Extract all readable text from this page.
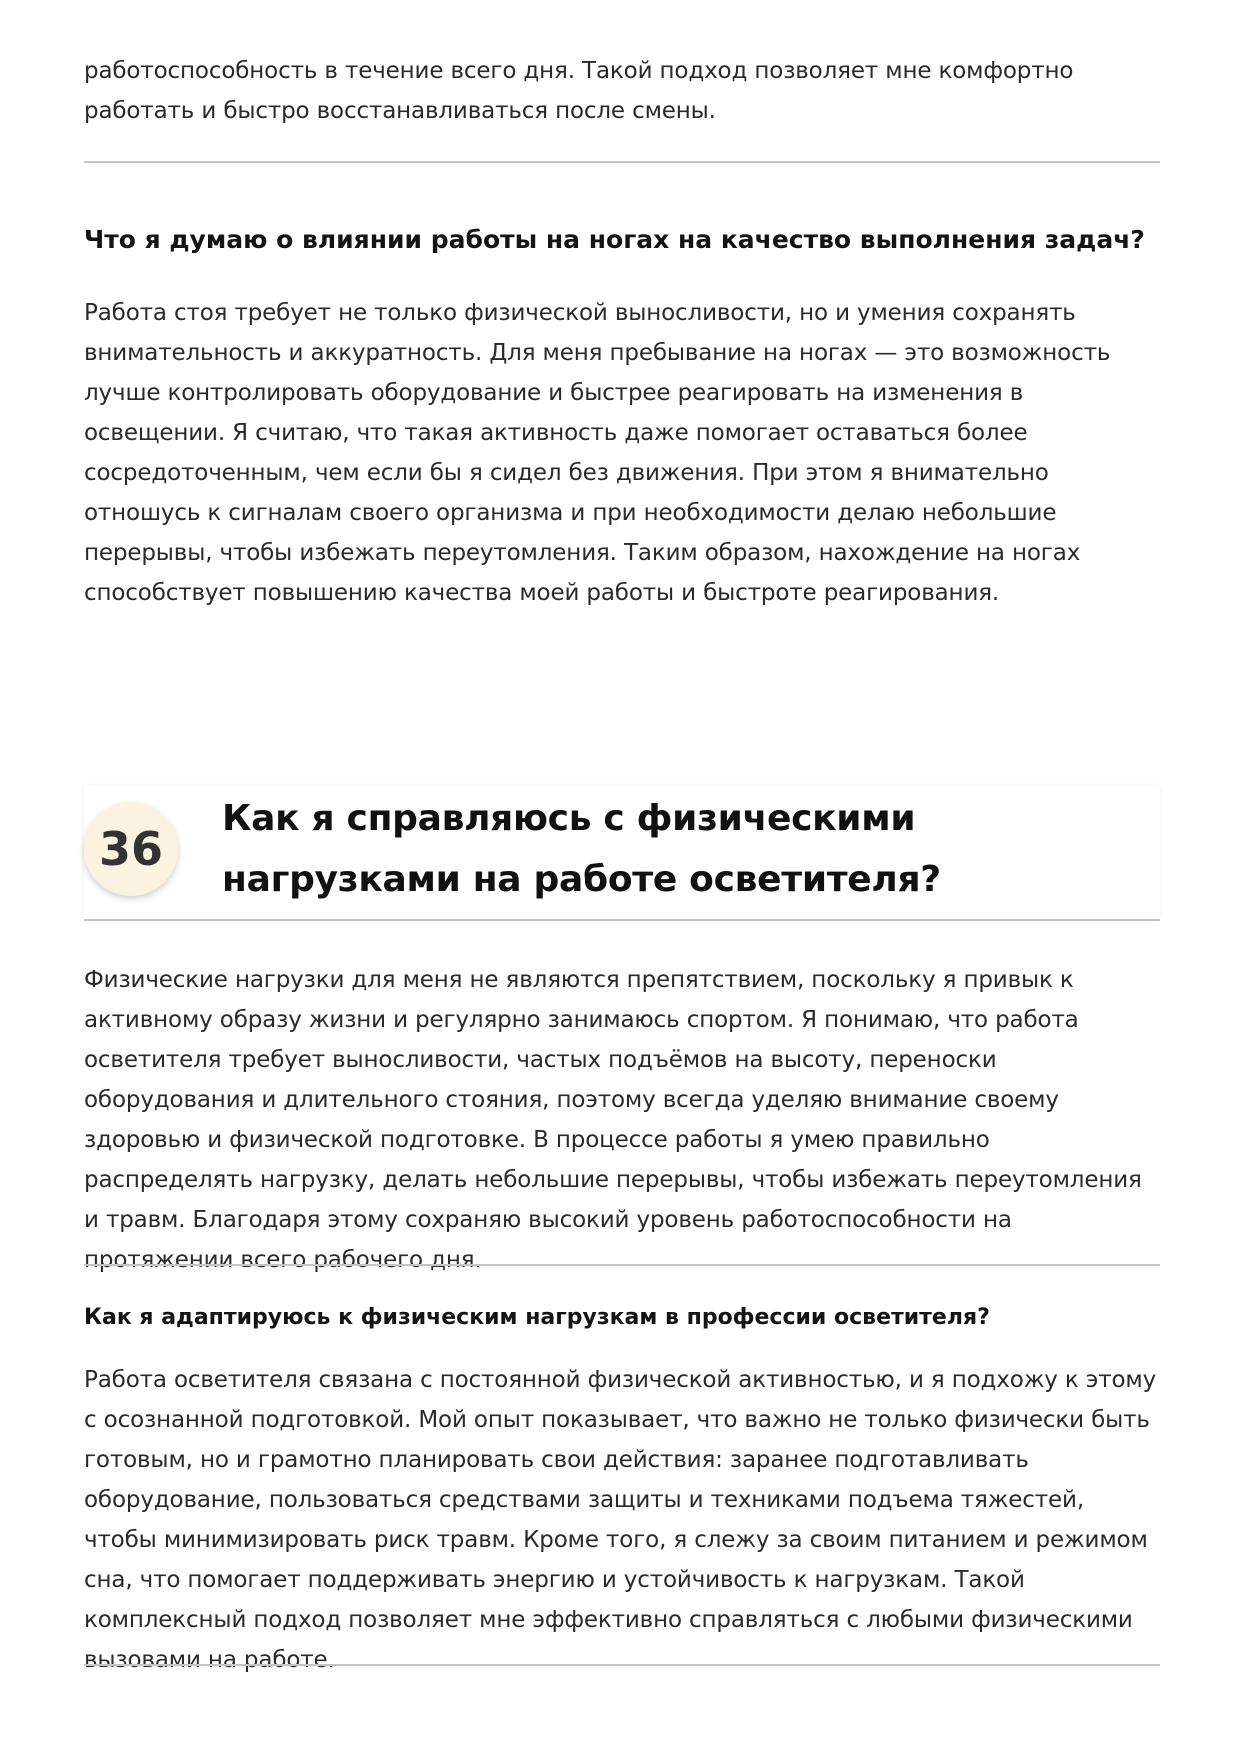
работоспособность в течение всего дня. Такой подход позволяет мне комфортно работать и быстро восстанавливаться после смены.

Что я думаю о влиянии работы на ногах на качество выполнения задач?

Работа стоя требует не только физической выносливости, но и умения сохранять внимательность и аккуратность. Для меня пребывание на ногах — это возможность лучше контролировать оборудование и быстрее реагировать на изменения в освещении. Я считаю, что такая активность даже помогает оставаться более сосредоточенным, чем если бы я сидел без движения. При этом я внимательно отношусь к сигналам своего организма и при необходимости делаю небольшие перерывы, чтобы избежать переутомления. Таким образом, нахождение на ногах способствует повышению качества моей работы и быстроте реагирования.

36
Как я справляюсь с физическими нагрузками на работе осветителя?

Физические нагрузки для меня не являются препятствием, поскольку я привык к активному образу жизни и регулярно занимаюсь спортом. Я понимаю, что работа осветителя требует выносливости, частых подъёмов на высоту, переноски оборудования и длительного стояния, поэтому всегда уделяю внимание своему здоровью и физической подготовке. В процессе работы я умею правильно распределять нагрузку, делать небольшие перерывы, чтобы избежать переутомления и травм. Благодаря этому сохраняю высокий уровень работоспособности на протяжении всего рабочего дня.

Как я адаптируюсь к физическим нагрузкам в профессии осветителя?

Работа осветителя связана с постоянной физической активностью, и я подхожу к этому с осознанной подготовкой. Мой опыт показывает, что важно не только физически быть готовым, но и грамотно планировать свои действия: заранее подготавливать оборудование, пользоваться средствами защиты и техниками подъема тяжестей, чтобы минимизировать риск травм. Кроме того, я слежу за своим питанием и режимом сна, что помогает поддерживать энергию и устойчивость к нагрузкам. Такой комплексный подход позволяет мне эффективно справляться с любыми физическими вызовами на работе.
